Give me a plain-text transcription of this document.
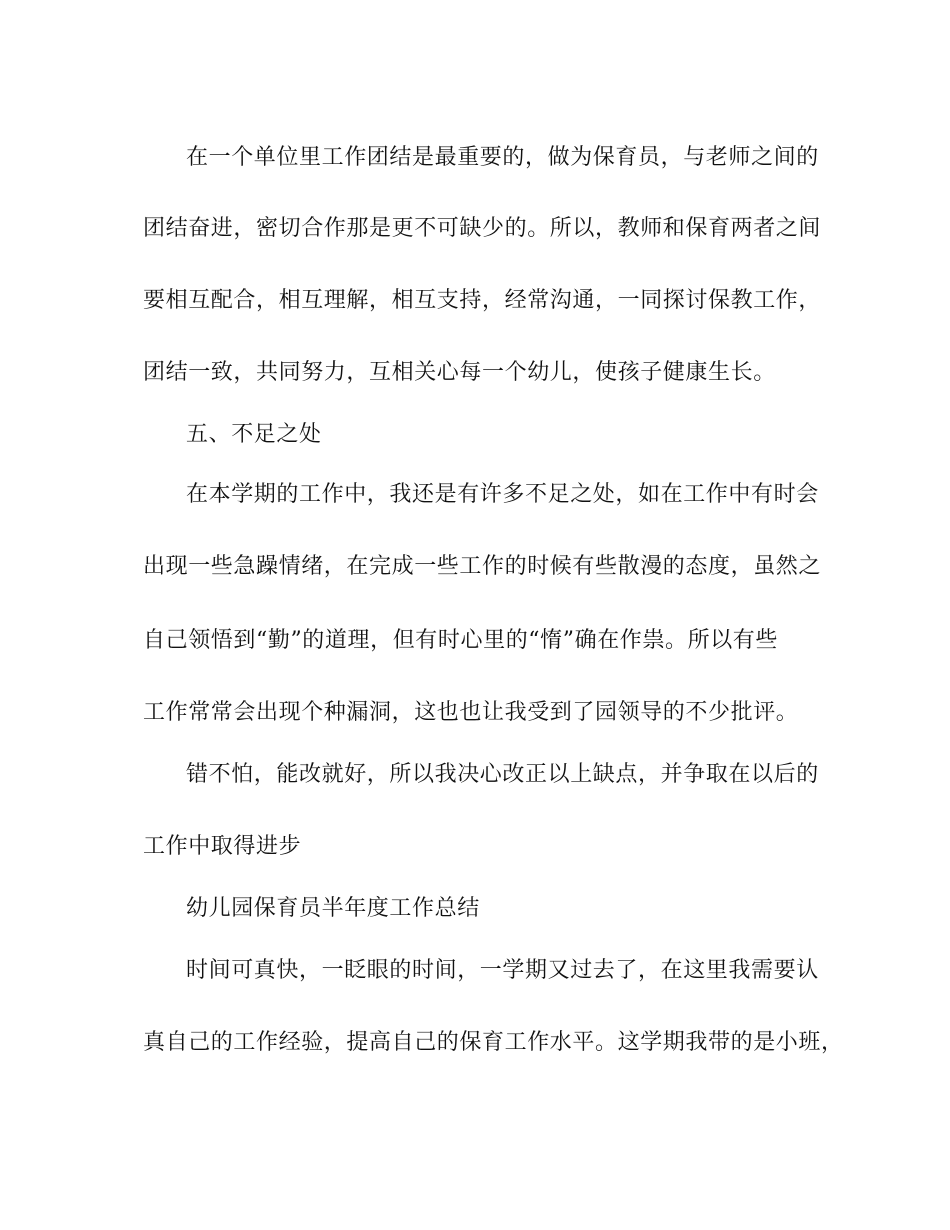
在一个单位里工作团结是最重要的，做为保育员，与老师之间的
团结奋进，密切合作那是更不可缺少的。所以，教师和保育两者之间
要相互配合，相互理解，相互支持，经常沟通，一同探讨保教工作，
团结一致，共同努力，互相关心每一个幼儿，使孩子健康生长。
五、不足之处
在本学期的工作中，我还是有许多不足之处，如在工作中有时会
出现一些急躁情绪，在完成一些工作的时候有些散漫的态度，虽然之
自己领悟到“勤”的道理，但有时心里的“惰”确在作祟。所以有些
工作常常会出现个种漏洞，这也也让我受到了园领导的不少批评。
错不怕，能改就好，所以我决心改正以上缺点，并争取在以后的
工作中取得进步
幼儿园保育员半年度工作总结
时间可真快，一眨眼的时间，一学期又过去了，在这里我需要认
真自己的工作经验，提高自己的保育工作水平。这学期我带的是小班，
